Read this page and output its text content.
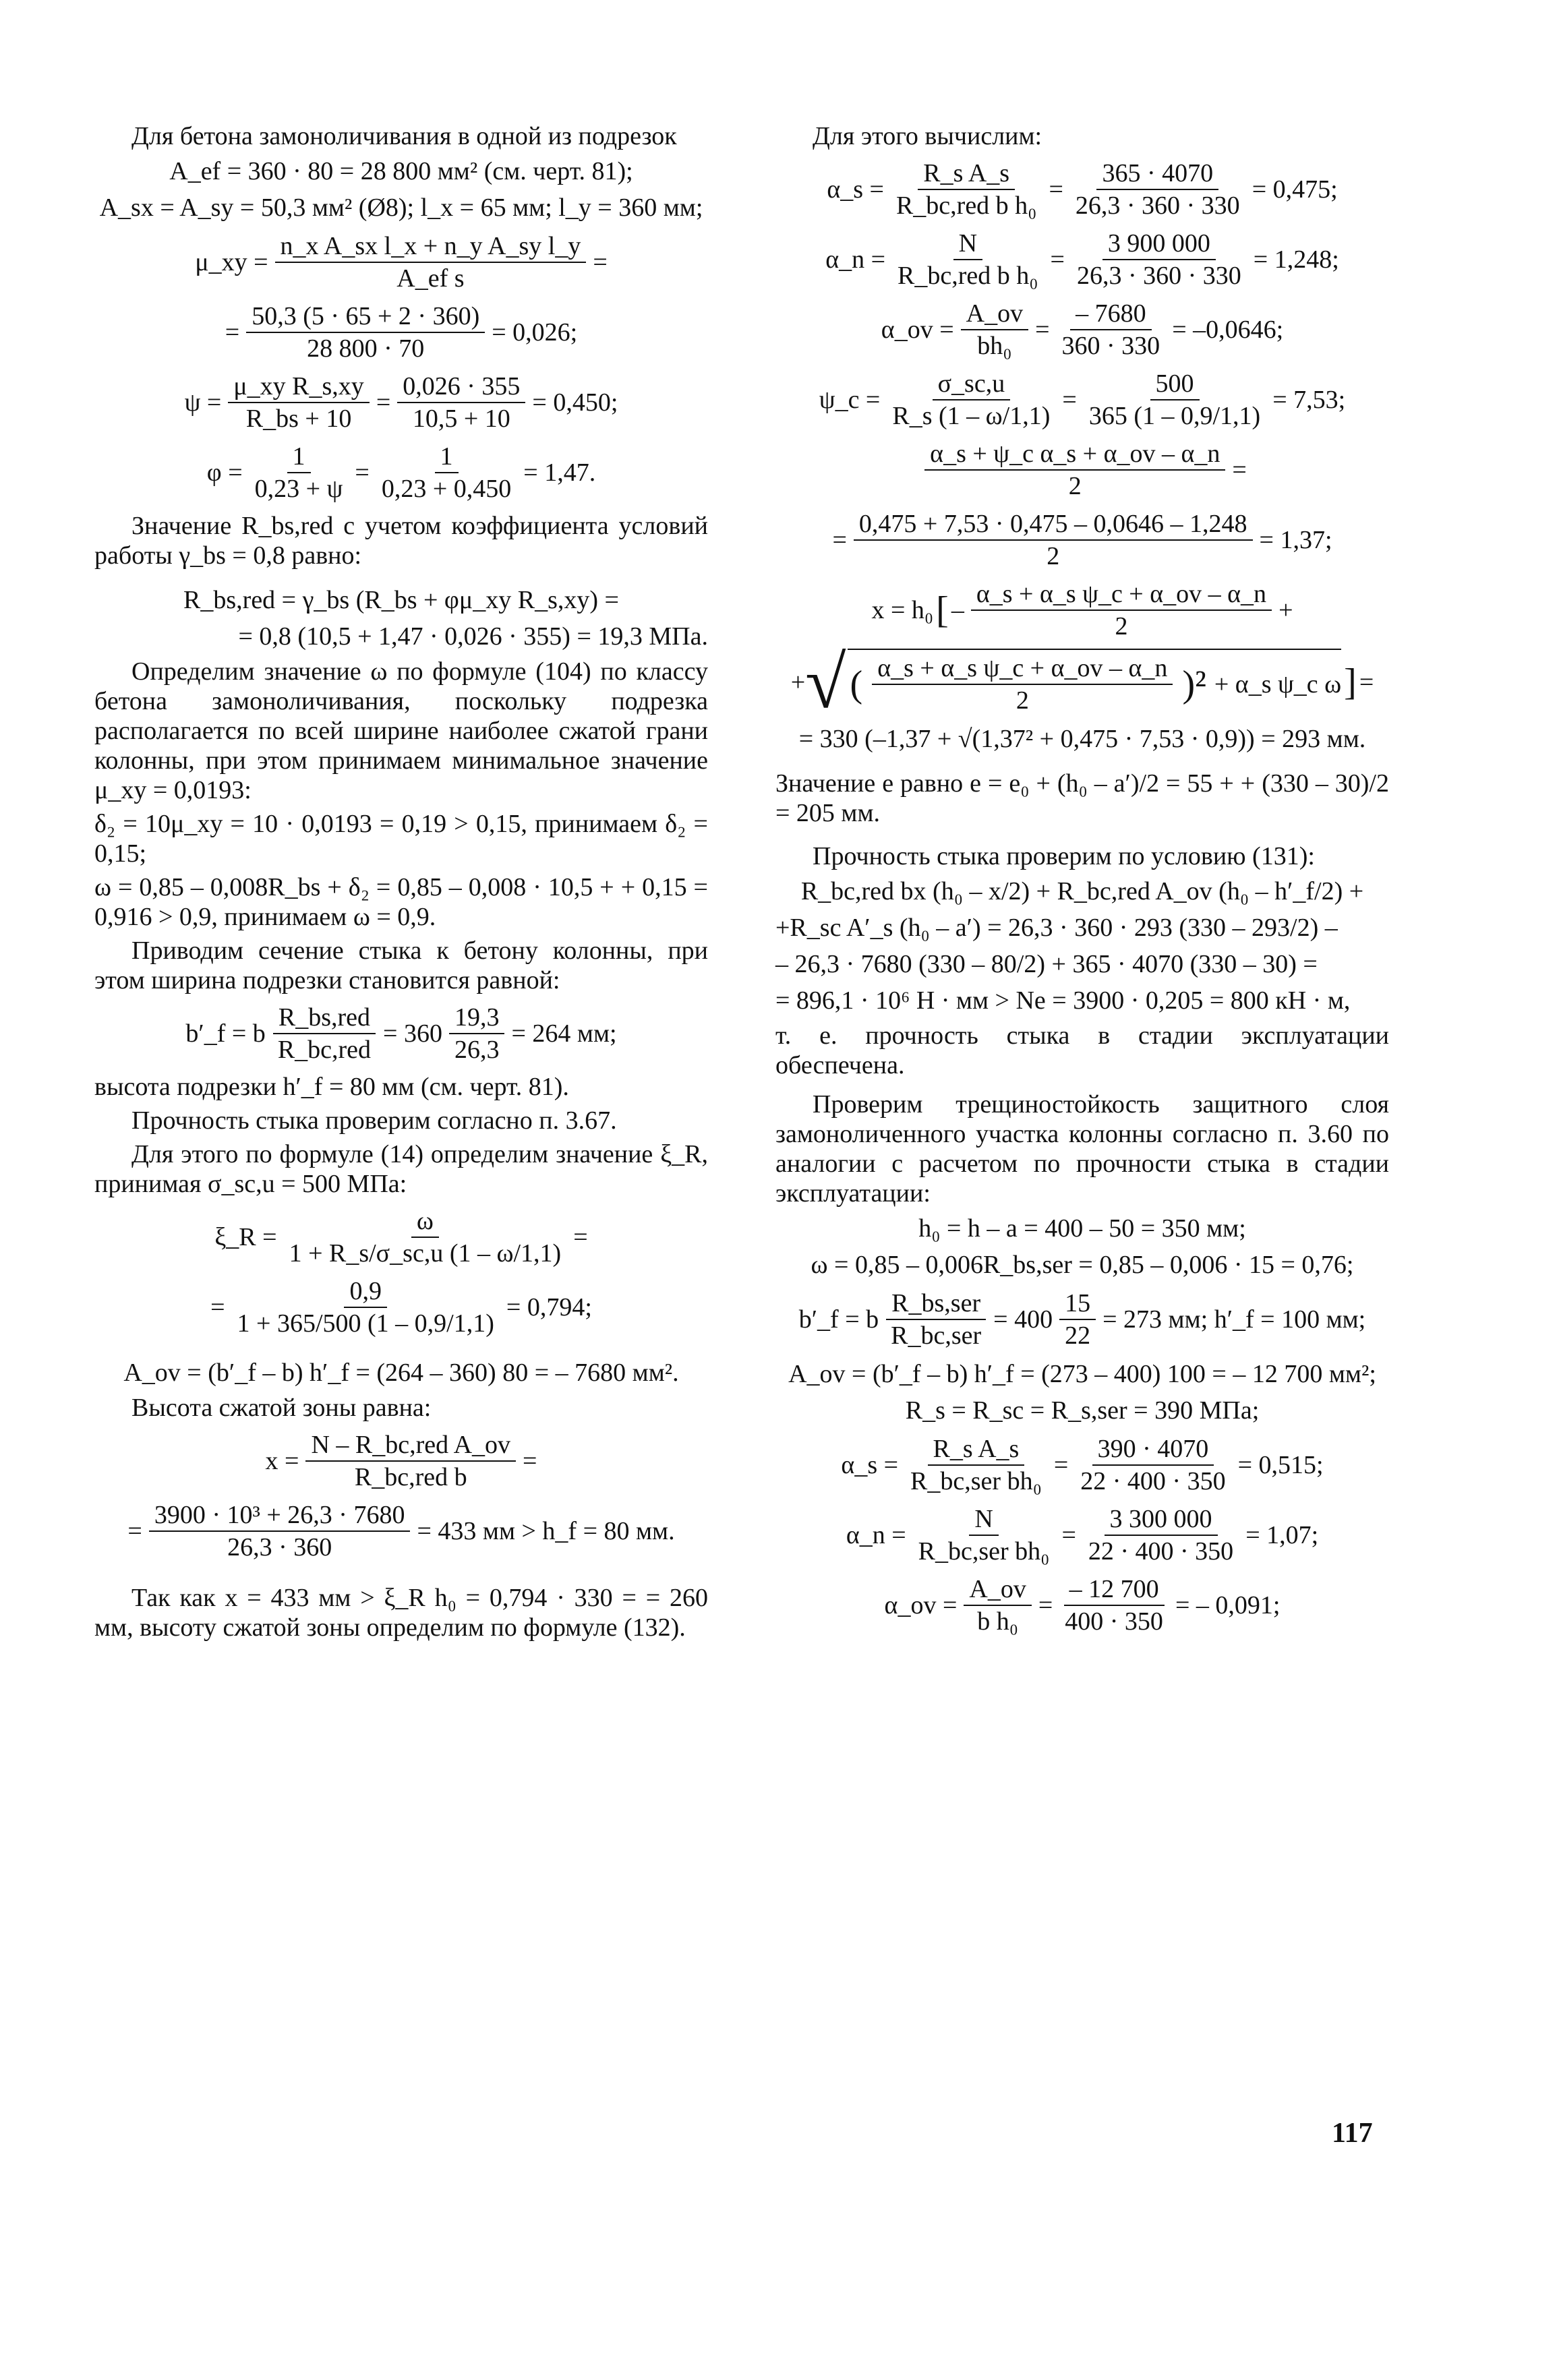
Для бетона замоноличивания в одной из подрезок

A_ef = 360 · 80 = 28 800 мм² (см. черт. 81);
A_sx = A_sy = 50,3 мм² (Ø8); l_x = 65 мм; l_y = 360 мм;
μ_xy = $\frac{\text{n\_x A\_sx l\_x + n\_y A\_sy l\_y}}{\text{A\_ef s}}$ =
= $\frac{50,3 (5 \cdot 65 + 2 \cdot 360)}{28 800 \cdot 70} = 0,026$;
$\psi = \frac{\text{μ\_xy R\_s,xy}}{R\_bs + 10} = \frac{0,026 \cdot 355}{10,5 + 10} = 0,450$;
$\varphi = \frac{1}{0,23 + \psi} = \frac{1}{0,23 + 0,450} = 1,47$.

Значение R_bs,red с учетом коэффициента условий работы γ_bs = 0,8 равно:

R_bs,red = γ_bs (R_bs + φμ_xy R_s,xy) =
= 0,8 (10,5 + 1,47 · 0,026 · 355) = 19,3 МПа.

Определим значение ω по формуле (104) по классу бетона замоноличивания, поскольку подрезка располагается по всей ширине наиболее сжатой грани колонны, при этом принимаем минимальное значение μ_xy = 0,0193:

δ₂ = 10μ_xy = 10 · 0,0193 = 0,19 > 0,15, принимаем δ₂ = 0,15;

ω = 0,85 – 0,008R_bs + δ₂ = 0,85 – 0,008 · 10,5 + + 0,15 = 0,916 > 0,9, принимаем ω = 0,9.

Приводим сечение стыка к бетону колонны, при этом ширина подрезки становится равной:

b′_f = b
R_bs,red
R_bc,red
= $360 \frac{19,3}{26,3} = 264$ мм;

высота подрезки h′_f = 80 мм (см. черт. 81).

Прочность стыка проверим согласно п. 3.67.

Для этого по формуле (14) определим значение ξ_R, принимая σ_sc,u = 500 МПа:

ξ_R = $\frac{\omega}{1 + R\_s/\sigma\_sc,u (1 - \omega/1,1)}$ =
= $\frac{0,9}{1 + 365/500 (1 - 0,9/1,1)} = 0,794$;
A_ov = (b′_f – b) h′_f = (264 – 360) 80 = – 7680 мм².

Высота сжатой зоны равна:

x =
N – R_bc,red A_ov
R_bc,red b
=
= $\frac{\text{3900 · 10³ + 26,3 · 7680}}{26,3 \cdot 360} = 433$ мм > h_f = 80 мм.

Так как x = 433 мм > ξ_R h₀ = 0,794 · 330 = = 260 мм, высоту сжатой зоны определим по формуле (132).

Для этого вычислим:

α_s =
R_s A_s
R_bc,red b h₀
= $\frac{365 \cdot 4070}{26,3 \cdot 360 \cdot 330} = 0,475$;
α_n =
N
R_bc,red b h₀
= $\frac{3 900 000}{26,3 \cdot 360 \cdot 330} = 1,248$;
α_ov = $\frac{A\_ov}{\text{bh₀}} = \frac{- 7680}{360 \cdot 330} = -0,0646$;
ψ_c = $\frac{\sigma\_sc,u}{R\_s (1 - \omega/1,1)} = \frac{500}{365 (1 - 0,9/1,1)} = 7,53$;
$\frac{\text{α\_s + ψ\_c α\_s + α\_ov – α\_n}}{2}$ =
= $\frac{0,475 + 7,53 \cdot 0,475 - 0,0646 - 1,248}{2} = 1,37$;
x = h₀ [ –
α_s + α_s ψ_c + α_ov – α_n
2
+
+ √ ( α_s + α_s ψ_c + α_ov – α_n
2	)² + α_s ψ_c ω ] =
= 330 (–1,37 + √(1,37² + 0,475 · 7,53 · 0,9)) = 293 мм.

Значение e равно e = e₀ + (h₀ – a′)/2 = 55 + + (330 – 30)/2 = 205 мм.

Прочность стыка проверим по условию (131):

R_bc,red bx (h₀ – x/2) + R_bc,red A_ov (h₀ – h′_f/2) +
+R_sc A′_s (h₀ – a′) = 26,3 · 360 · 293 (330 – 293/2) –
– 26,3 · 7680 (330 – 80/2) + 365 · 4070 (330 – 30) =
= 896,1 · 10⁶ Н · мм > Ne = 3900 · 0,205 = 800 кН · м,

т. е. прочность стыка в стадии эксплуатации обеспечена.

Проверим трещиностойкость защитного слоя замоноличенного участка колонны согласно п. 3.60 по аналогии с расчетом по прочности стыка в стадии эксплуатации:

h₀ = h – a = 400 – 50 = 350 мм;
ω = 0,85 – 0,006R_bs,ser = 0,85 – 0,006 · 15 = 0,76;
b′_f = b
R_bs,ser
R_bc,ser
= $400 \frac{15}{22} = 273$ мм; h′_f = 100 мм;
A_ov = (b′_f – b) h′_f = (273 – 400) 100 = – 12 700 мм²;
R_s = R_sc = R_s,ser = 390 МПа;
α_s =
R_s A_s
R_bc,ser bh₀
= $\frac{390 \cdot 4070}{22 \cdot 400 \cdot 350} = 0,515$;
α_n =
N
R_bc,ser bh₀
= $\frac{3 300 000}{22 \cdot 400 \cdot 350} = 1,07$;
α_ov = $\frac{A\_ov}{\text{b h₀}} = \frac{- 12 700}{400 \cdot 350}$ = – 0,091;
117
